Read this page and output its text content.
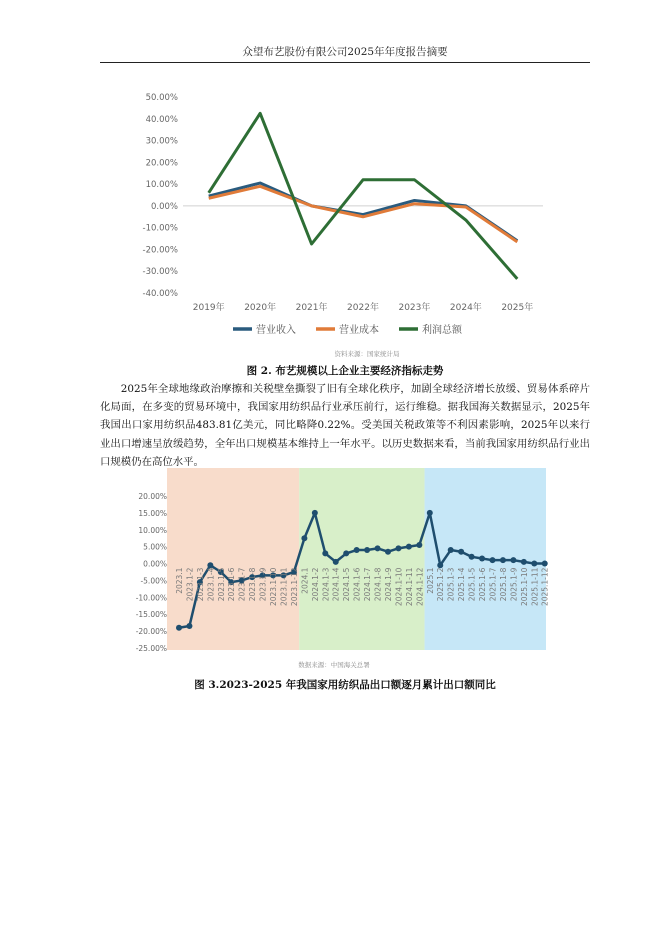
众望布艺股份有限公司2025年年度报告摘要
50.00%
40.00%
30.00%
20.00%
10.00%
0.00%
-10.00%
-20.00%
-30.00%
-40.00%
2019年 2020年 2021年 2022年 2023年 2024年 2025年
营业收入	营业成本	利润总额
资料来源：国家统计局
图 2. 布艺规模以上企业主要经济指标走势

2025年全球地缘政治摩擦和关税壁垒撕裂了旧有全球化秩序，加剧全球经济增长放缓、贸易体系碎片化局面，在多变的贸易环境中，我国家用纺织品行业承压前行，运行维稳。据我国海关数据显示，2025年我国出口家用纺织品483.81亿美元，同比略降0.22%。受美国关税政策等不利因素影响，2025年以来行业出口增速呈放缓趋势，全年出口规模基本维持上一年水平。以历史数据来看，当前我国家用纺织品行业出口规模仍在高位水平。

20.00%
15.00%
10.00%
5.00%
0.00%
-5.00%
-10.00%
-15.00%
-20.00%
-25.00%
2023.1 2023.1-2 2023.1-3 2023.1-4 2023.1-5 2023.1-6 2023.1-7 2023.1-8 2023.1-9 2023.1-10 2023.1-11 2023.1-12 2024.1 2024.1-2 2024.1-3 2024.1-4 2024.1-5 2024.1-6 2024.1-7 2024.1-8 2024.1-9 2024.1-10 2024.1-11 2024.1-12 2025.1 2025.1-2 2025.1-3 2025.1-4 2025.1-5 2025.1-6 2025.1-7 2025.1-8 2025.1-9 2025.1-10 2025.1-11 2025.1-12
数据来源：中国海关总署
图 3.2023-2025 年我国家用纺织品出口额逐月累计出口额同比
